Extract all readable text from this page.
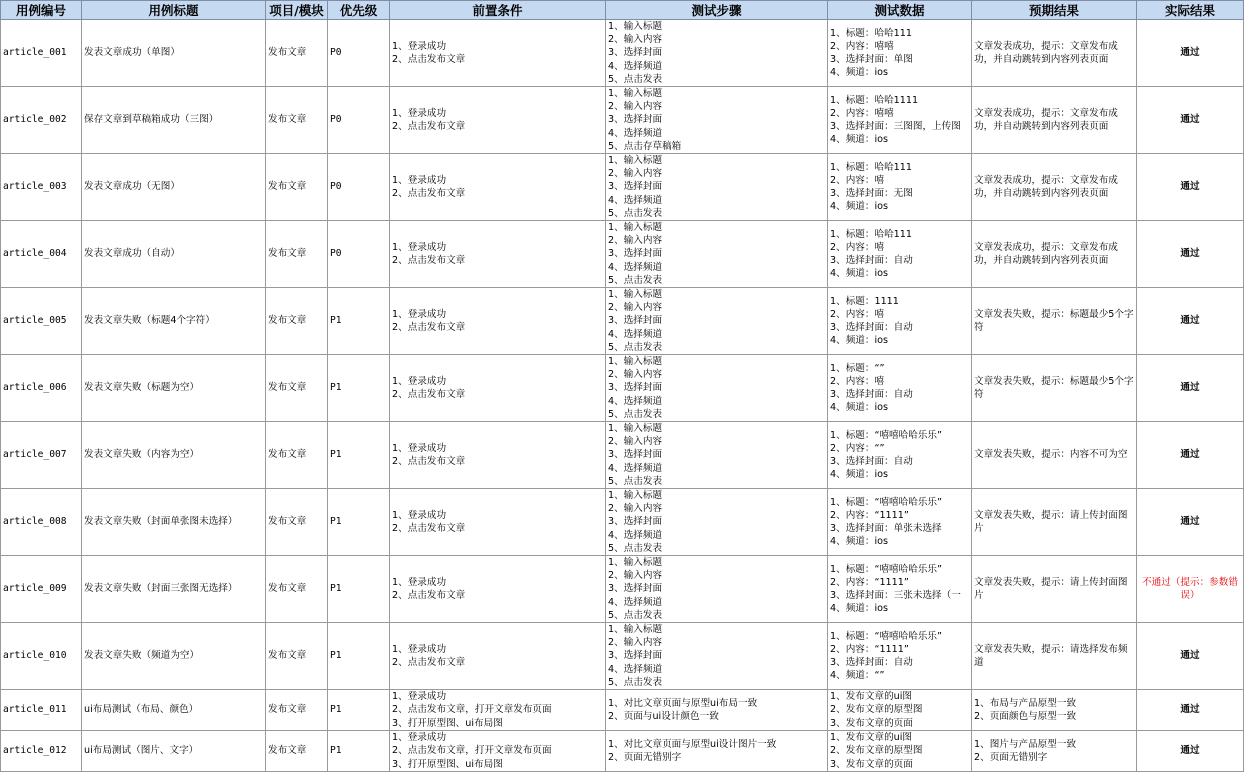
用例编号	用例标题	项目/模块	优先级	前置条件	测试步骤	测试数据	预期结果	实际结果
article_001	发表文章成功（单图）	发布文章	P0	1、登录成功
2、点击发布文章	1、输入标题
2、输入内容
3、选择封面
4、选择频道
5、点击发表	1、标题：哈哈111
2、内容：嘻嘻
3、选择封面：单图
4、频道：ios	文章发表成功，提示：文章发布成功，并自动跳转到内容列表页面	通过
article_002	保存文章到草稿箱成功（三图）	发布文章	P0	1、登录成功
2、点击发布文章	1、输入标题
2、输入内容
3、选择封面
4、选择频道
5、点击存草稿箱	1、标题：哈哈1111
2、内容：嘻嘻
3、选择封面：三图图，上传图
4、频道：ios	文章发表成功，提示：文章发布成功，并自动跳转到内容列表页面	通过
article_003	发表文章成功（无图）	发布文章	P0	1、登录成功
2、点击发布文章	1、输入标题
2、输入内容
3、选择封面
4、选择频道
5、点击发表	1、标题：哈哈111
2、内容：嘻
3、选择封面：无图
4、频道：ios	文章发表成功，提示：文章发布成功，并自动跳转到内容列表页面	通过
article_004	发表文章成功（自动）	发布文章	P0	1、登录成功
2、点击发布文章	1、输入标题
2、输入内容
3、选择封面
4、选择频道
5、点击发表	1、标题：哈哈111
2、内容：嘻
3、选择封面：自动
4、频道：ios	文章发表成功，提示：文章发布成功，并自动跳转到内容列表页面	通过
article_005	发表文章失败（标题4个字符）	发布文章	P1	1、登录成功
2、点击发布文章	1、输入标题
2、输入内容
3、选择封面
4、选择频道
5、点击发表	1、标题：1111
2、内容：嘻
3、选择封面：自动
4、频道：ios	文章发表失败，提示：标题最少5个字符	通过
article_006	发表文章失败（标题为空）	发布文章	P1	1、登录成功
2、点击发布文章	1、输入标题
2、输入内容
3、选择封面
4、选择频道
5、点击发表	1、标题：“”
2、内容：嘻
3、选择封面：自动
4、频道：ios	文章发表失败，提示：标题最少5个字符	通过
article_007	发表文章失败（内容为空）	发布文章	P1	1、登录成功
2、点击发布文章	1、输入标题
2、输入内容
3、选择封面
4、选择频道
5、点击发表	1、标题：“嘻嘻哈哈乐乐”
2、内容：“”
3、选择封面：自动
4、频道：ios	文章发表失败，提示：内容不可为空	通过
article_008	发表文章失败（封面单张图未选择）	发布文章	P1	1、登录成功
2、点击发布文章	1、输入标题
2、输入内容
3、选择封面
4、选择频道
5、点击发表	1、标题：“嘻嘻哈哈乐乐”
2、内容：“1111”
3、选择封面：单张未选择
4、频道：ios	文章发表失败，提示：请上传封面图片	通过
article_009	发表文章失败（封面三张图无选择）	发布文章	P1	1、登录成功
2、点击发布文章	1、输入标题
2、输入内容
3、选择封面
4、选择频道
5、点击发表	1、标题：“嘻嘻哈哈乐乐”
2、内容：“1111”
3、选择封面：三张未选择（一
4、频道：ios	文章发表失败，提示：请上传封面图片	不通过（提示：参数错误）
article_010	发表文章失败（频道为空）	发布文章	P1	1、登录成功
2、点击发布文章	1、输入标题
2、输入内容
3、选择封面
4、选择频道
5、点击发表	1、标题：“嘻嘻哈哈乐乐”
2、内容：“1111”
3、选择封面：自动
4、频道：“”	文章发表失败，提示：请选择发布频道	通过
article_011	ui布局测试（布局、颜色）	发布文章	P1	1、登录成功
2、点击发布文章，打开文章发布页面
3、打开原型图、ui布局图	1、对比文章页面与原型ui布局一致
2、页面与ui设计颜色一致	1、发布文章的ui图
2、发布文章的原型图
3、发布文章的页面	1、布局与产品原型一致
2、页面颜色与原型一致	通过
article_012	ui布局测试（图片、文字）	发布文章	P1	1、登录成功
2、点击发布文章，打开文章发布页面
3、打开原型图、ui布局图	1、对比文章页面与原型ui设计图片一致
2、页面无错别字	1、发布文章的ui图
2、发布文章的原型图
3、发布文章的页面	1、图片与产品原型一致
2、页面无错别字	通过
